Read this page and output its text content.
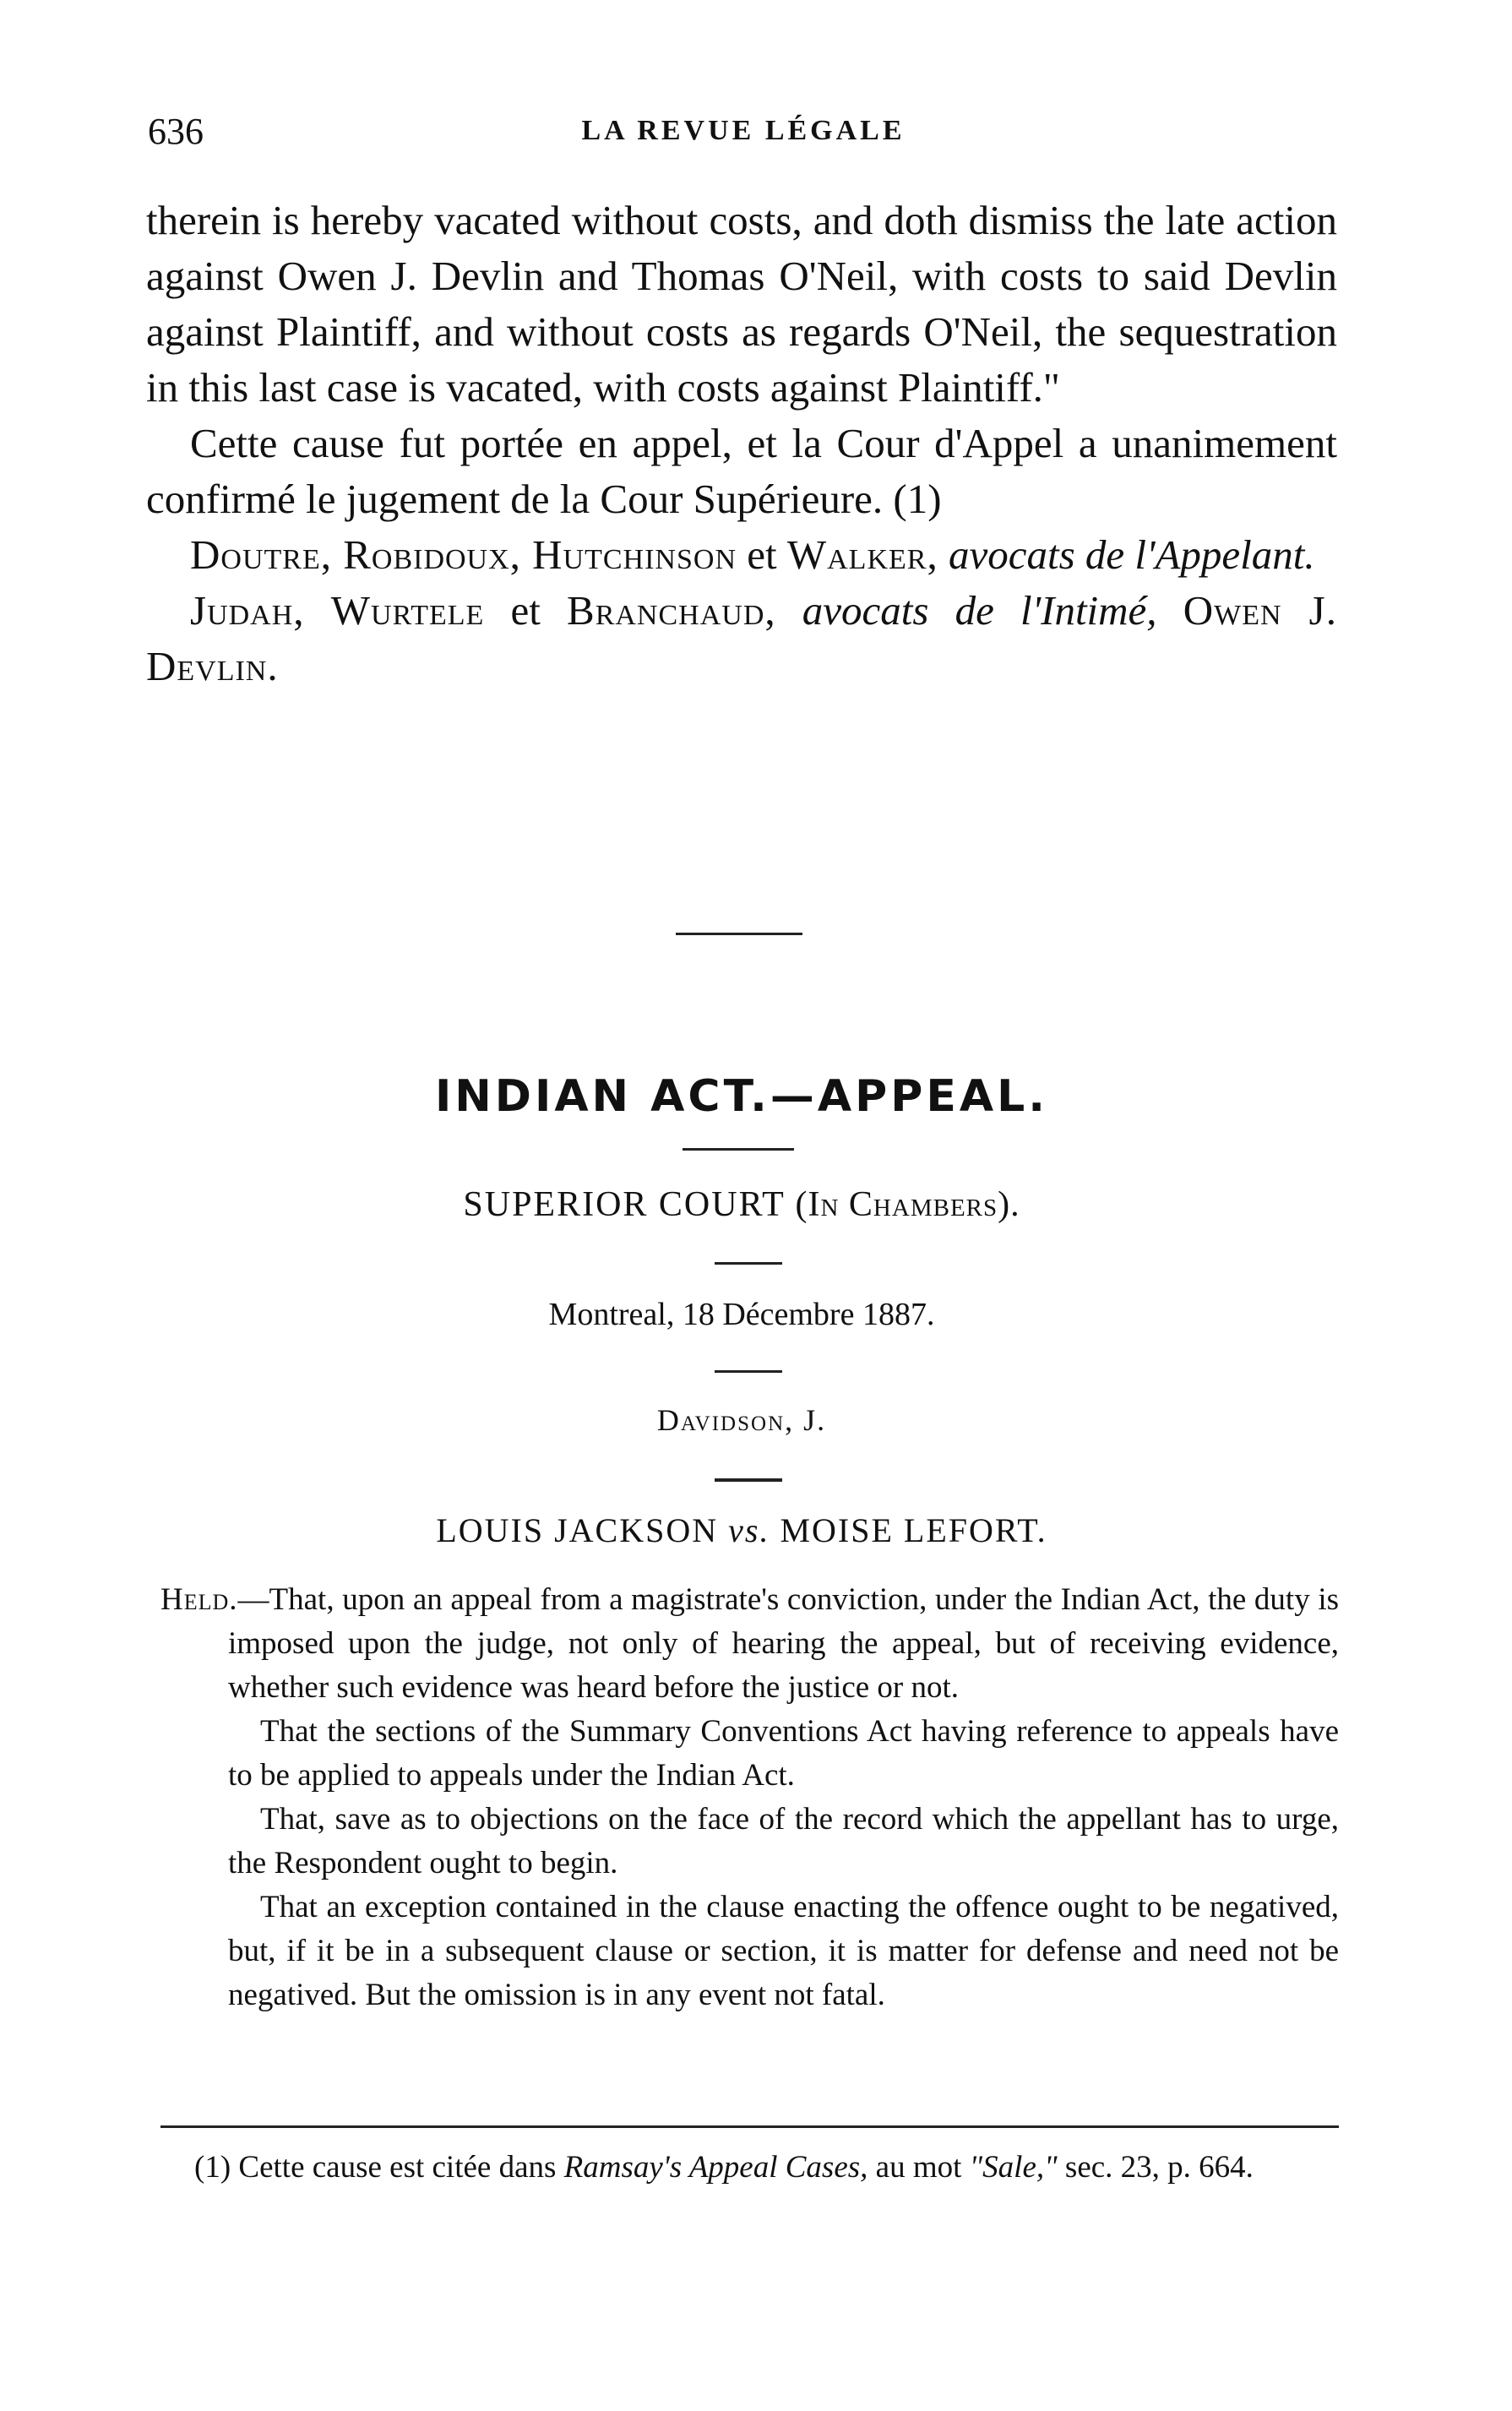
636	LA REVUE LÉGALE

therein is hereby vacated without costs, and doth dismiss the late action against Owen J. Devlin and Thomas O'Neil, with costs to said Devlin against Plaintiff, and without costs as regards O'Neil, the sequestration in this last case is vacated, with costs against Plaintiff."

Cette cause fut portée en appel, et la Cour d'Appel a unanimement confirmé le jugement de la Cour Supérieure. (1)

Doutre, Robidoux, Hutchinson et Walker, avocats de l'Appelant.

Judah, Wurtele et Branchaud, avocats de l'Intimé, Owen J. Devlin.

INDIAN ACT.—APPEAL.
SUPERIOR COURT (In Chambers).
Montreal, 18 Décembre 1887.
Davidson, J.
LOUIS JACKSON vs. MOISE LEFORT.

Held.—That, upon an appeal from a magistrate's conviction, under the Indian Act, the duty is imposed upon the judge, not only of hearing the appeal, but of receiving evidence, whether such evidence was heard before the justice or not.

That the sections of the Summary Conventions Act having reference to appeals have to be applied to appeals under the Indian Act.

That, save as to objections on the face of the record which the appellant has to urge, the Respondent ought to begin.

That an exception contained in the clause enacting the offence ought to be negatived, but, if it be in a subsequent clause or section, it is matter for defense and need not be negatived. But the omission is in any event not fatal.

(1) Cette cause est citée dans Ramsay's Appeal Cases, au mot "Sale," sec. 23, p. 664.
